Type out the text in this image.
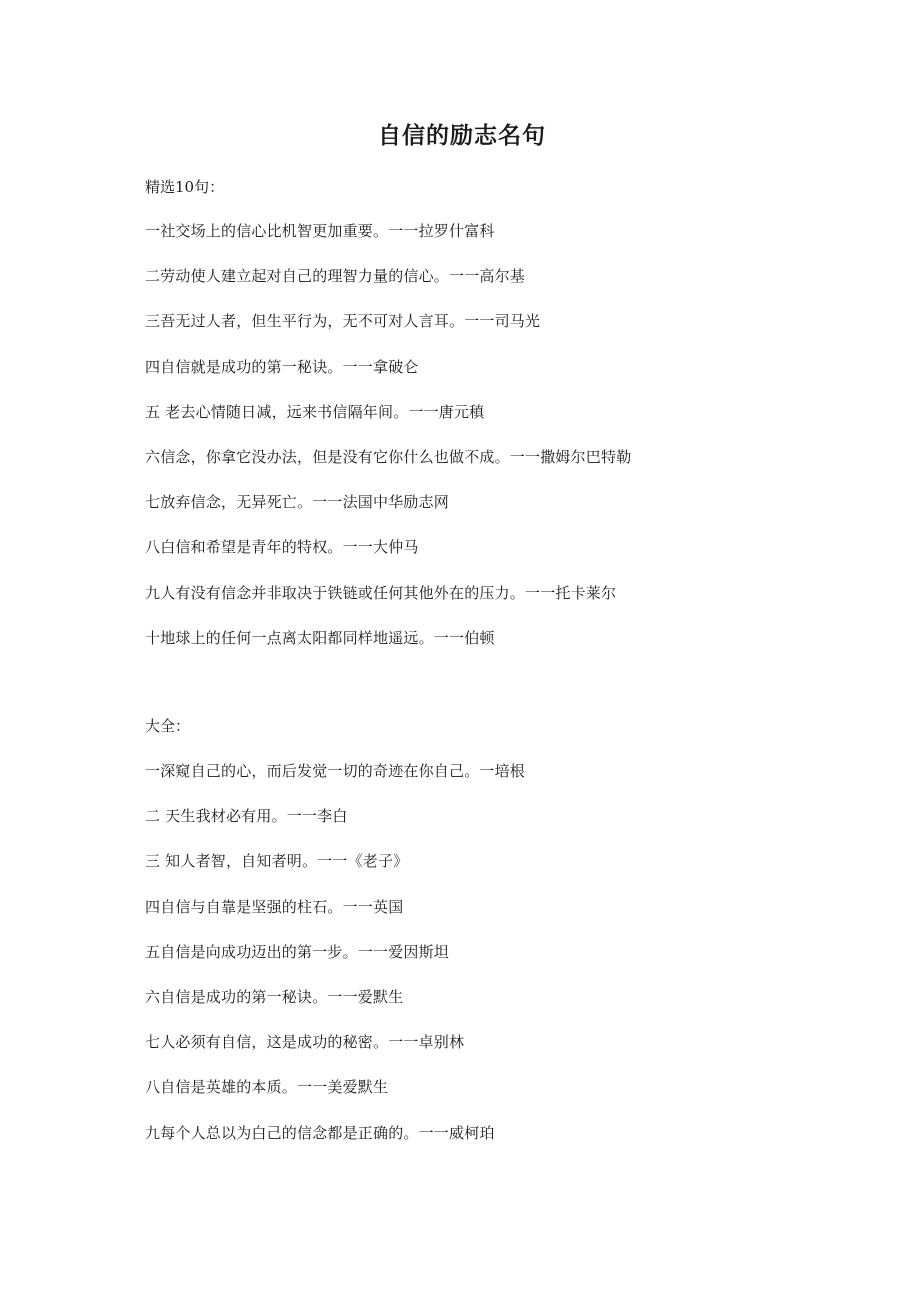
自信的励志名句

精选10句：

一社交场上的信心比机智更加重要。一一拉罗什富科
二劳动使人建立起对自己的理智力量的信心。一一高尔基
三吾无过人者，但生平行为，无不可对人言耳。一一司马光
四自信就是成功的第一秘诀。一一拿破仑
五 老去心情随日减，远来书信隔年间。一一唐元稹
六信念，你拿它没办法，但是没有它你什么也做不成。一一撒姆尔巴特勒
七放弃信念，无异死亡。一一法国中华励志网
八白信和希望是青年的特权。一一大仲马
九人有没有信念并非取决于铁链或任何其他外在的压力。一一托卡莱尔
十地球上的任何一点离太阳都同样地遥远。一一伯顿

大全：

一深窥自己的心，而后发觉一切的奇迹在你自己。一培根
二 天生我材必有用。一一李白
三 知人者智，自知者明。一一《老子》
四自信与自靠是坚强的柱石。一一英国
五自信是向成功迈出的第一步。一一爱因斯坦
六自信是成功的第一秘诀。一一爱默生
七人必须有自信，这是成功的秘密。一一卓别林
八自信是英雄的本质。一一美爱默生
九每个人总以为白己的信念都是正确的。一一威柯珀
